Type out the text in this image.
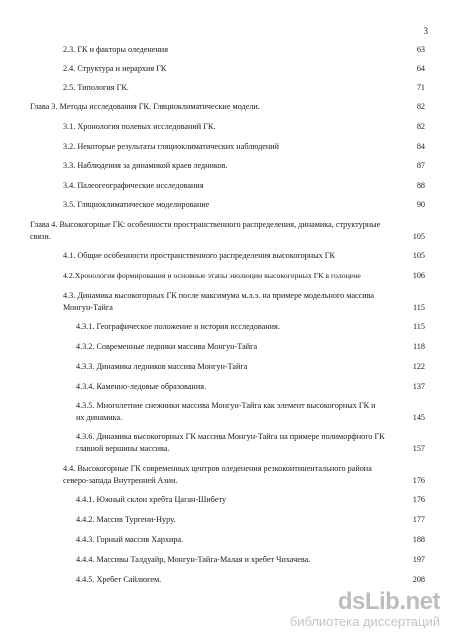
3
2.3. ГК и факторы оледенения	63
2.4. Структура и иерархия ГК	64
2.5. Типология ГК.	71
Глава 3. Методы исследования ГК. Гляциоклиматические модели.	82
3.1. Хронология полевых исследований ГК.	82
3.2. Некоторые результаты гляциоклиматических наблюдений	84
3.3. Наблюдения за динамикой краев ледников.	87
3.4. Палеогеографические исследования	88
3.5. Гляциоклиматическое моделирование	90
Глава 4. Высокогорные ГК: особенности пространственного распределения, динамика, структурные связи.	105
4.1. Общие особенности пространственного распределения высокогорных ГК	105
4.2.Хронология формирования и основные этапы эволюции высокогорных ГК в голоцене	106
4.3. Динамика высокогорных ГК после максимума м.л.э. на примере модельного массива Монгун-Тайга	115
4.3.1. Географическое положение и история исследования.	115
4.3.2. Современные ледники массива Монгун-Тайга	118
4.3.3. Динамика ледников массива Монгун-Тайга	122
4.3.4. Каменно-ледовые образования.	137
4.3.5. Многолетние снежники массива Монгун-Тайга как элемент высокогорных ГК и их динамика.	145
4.3.6. Динамика высокогорных ГК массива Монгун-Тайга на примере полиморфного ГК главной вершины массива.	157
4.4. Высокогорные ГК современных центров оледенения резкоконтинентального района северо-запада Внутренней Азии.	176
4.4.1. Южный склон хребта Цаган-Шибету	176
4.4.2. Массив Тургени-Нуру.	177
4.4.3. Горный массив Хархира.	188
4.4.4. Массивы Талдуайр, Монгун-Тайга-Малая и хребет Чихачева.	197
4.4.5. Хребет Сайлюгем.	208
dsLib.net
библиотека диссертаций
